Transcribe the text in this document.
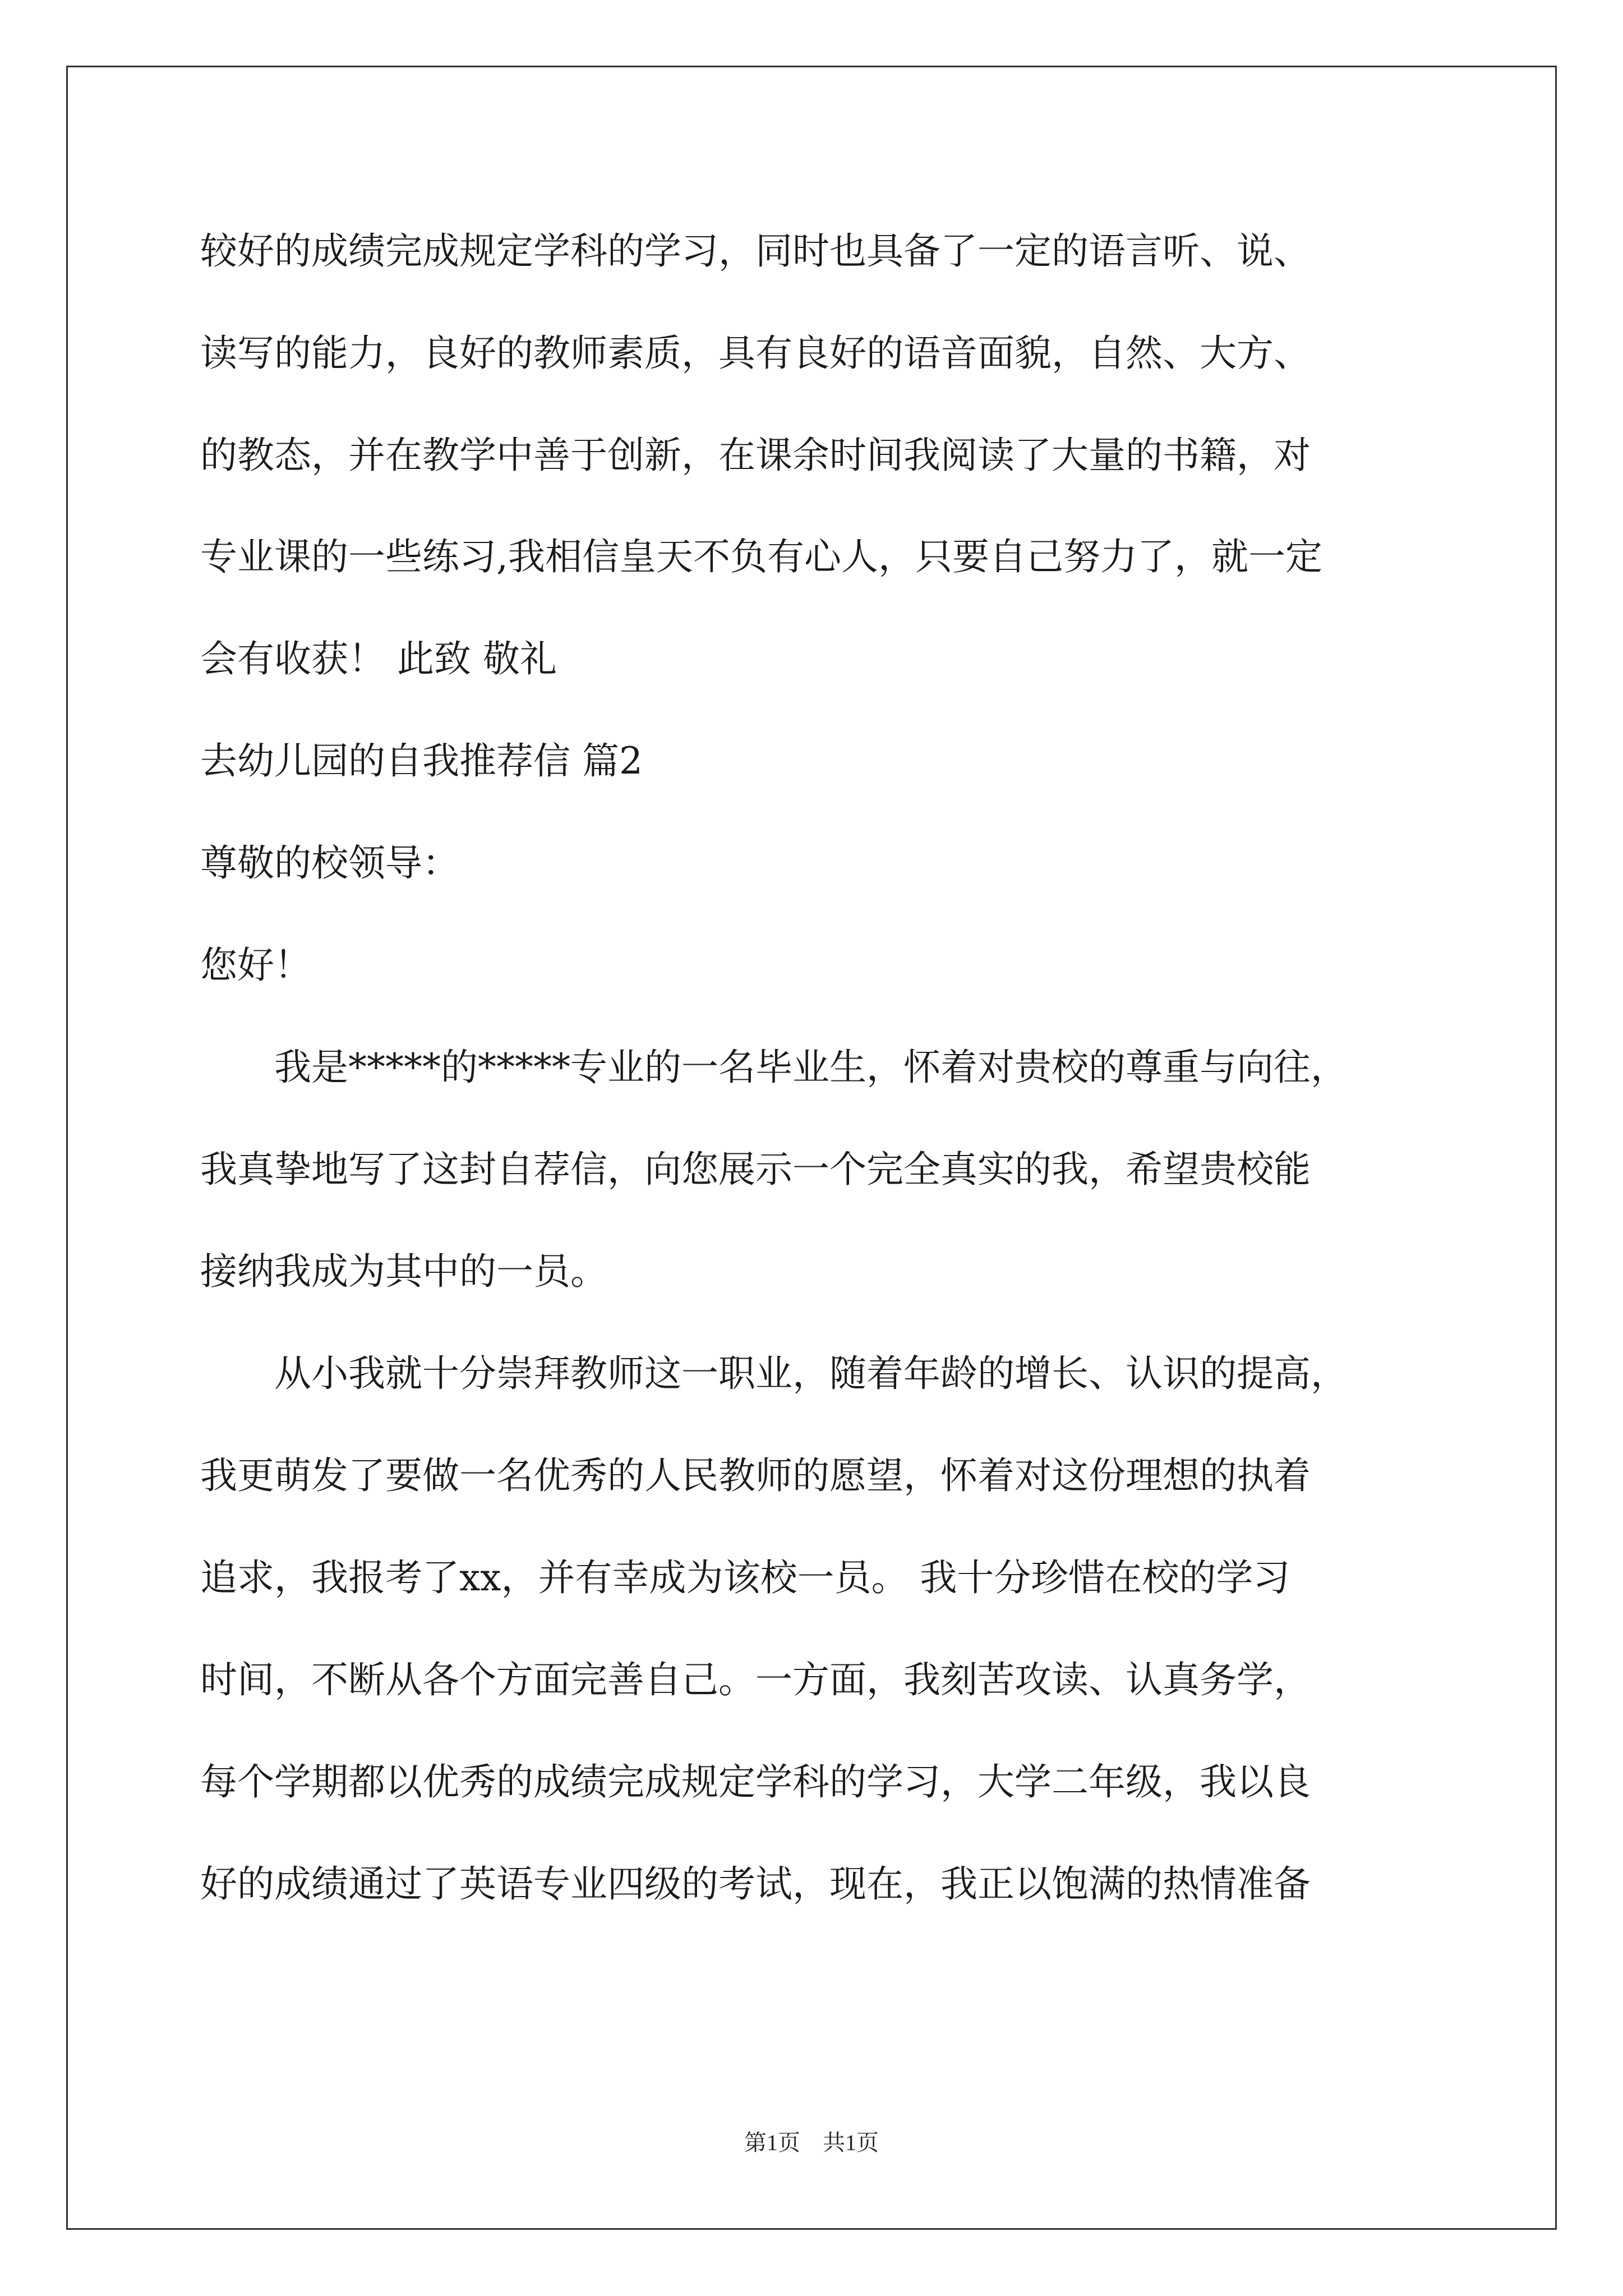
较好的成绩完成规定学科的学习，同时也具备了一定的语言听、说、
读写的能力，良好的教师素质，具有良好的语音面貌，自然、大方、
的教态，并在教学中善于创新，在课余时间我阅读了大量的书籍，对
专业课的一些练习,我相信皇天不负有心人，只要自己努力了，就一定
会有收获！ 此致 敬礼
去幼儿园的自我推荐信 篇2
尊敬的校领导：
您好！
　　我是*****的*****专业的一名毕业生，怀着对贵校的尊重与向往，
我真挚地写了这封自荐信，向您展示一个完全真实的我，希望贵校能
接纳我成为其中的一员。
　　从小我就十分崇拜教师这一职业，随着年龄的增长、认识的提高，
我更萌发了要做一名优秀的人民教师的愿望，怀着对这份理想的执着
追求，我报考了xx，并有幸成为该校一员。 我十分珍惜在校的学习
时间，不断从各个方面完善自己。一方面，我刻苦攻读、认真务学，
每个学期都以优秀的成绩完成规定学科的学习，大学二年级，我以良
好的成绩通过了英语专业四级的考试，现在，我正以饱满的热情准备
第1页　共1页
